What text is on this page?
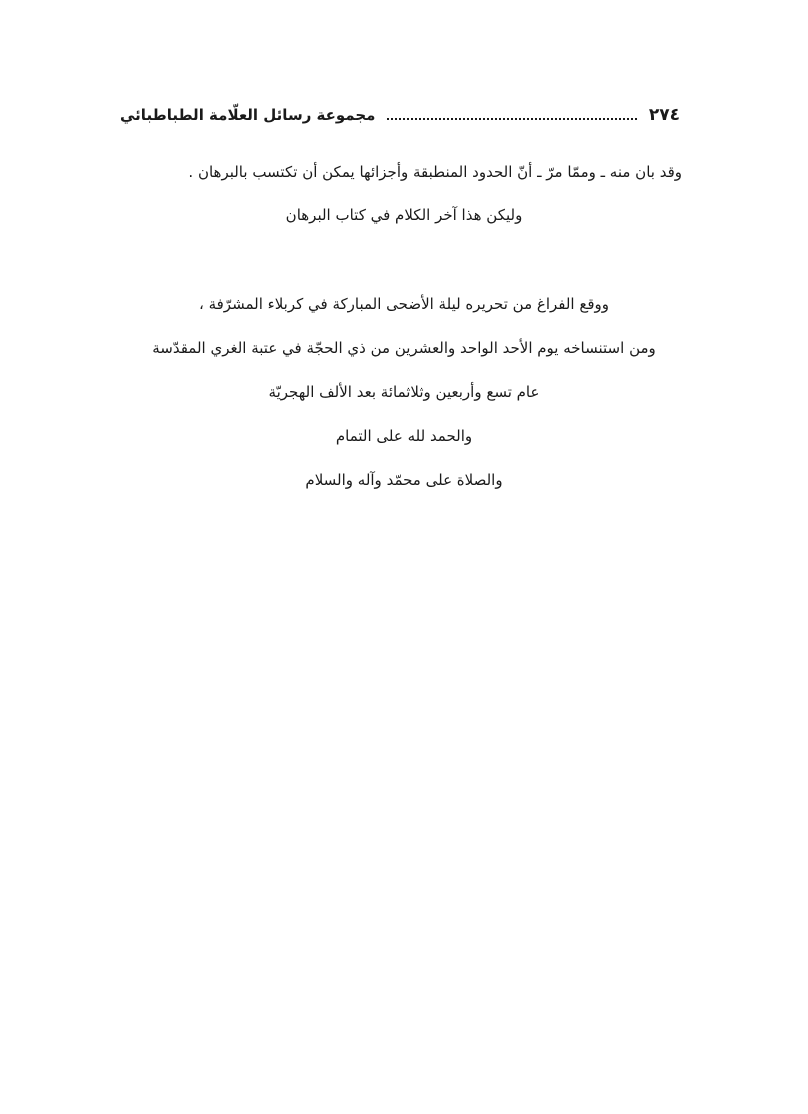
٢٧٤
مجموعة رسائل العلّامة الطباطبائي
وقد بان منه ـ وممّا مرّ ـ أنّ الحدود المنطبقة وأجزائها يمكن أن تكتسب بالبرهان .
وليكن هذا آخر الكلام في كتاب البرهان
ووقع الفراغ من تحريره ليلة الأضحى المباركة في كربلاء المشرّفة ،
ومن استنساخه يوم الأحد الواحد والعشرين من ذي الحجّة في عتبة الغري المقدّسة
عام تسع وأربعين وثلاثمائة بعد الألف الهجريّة
والحمد لله على التمام
والصلاة على محمّد وآله والسلام
